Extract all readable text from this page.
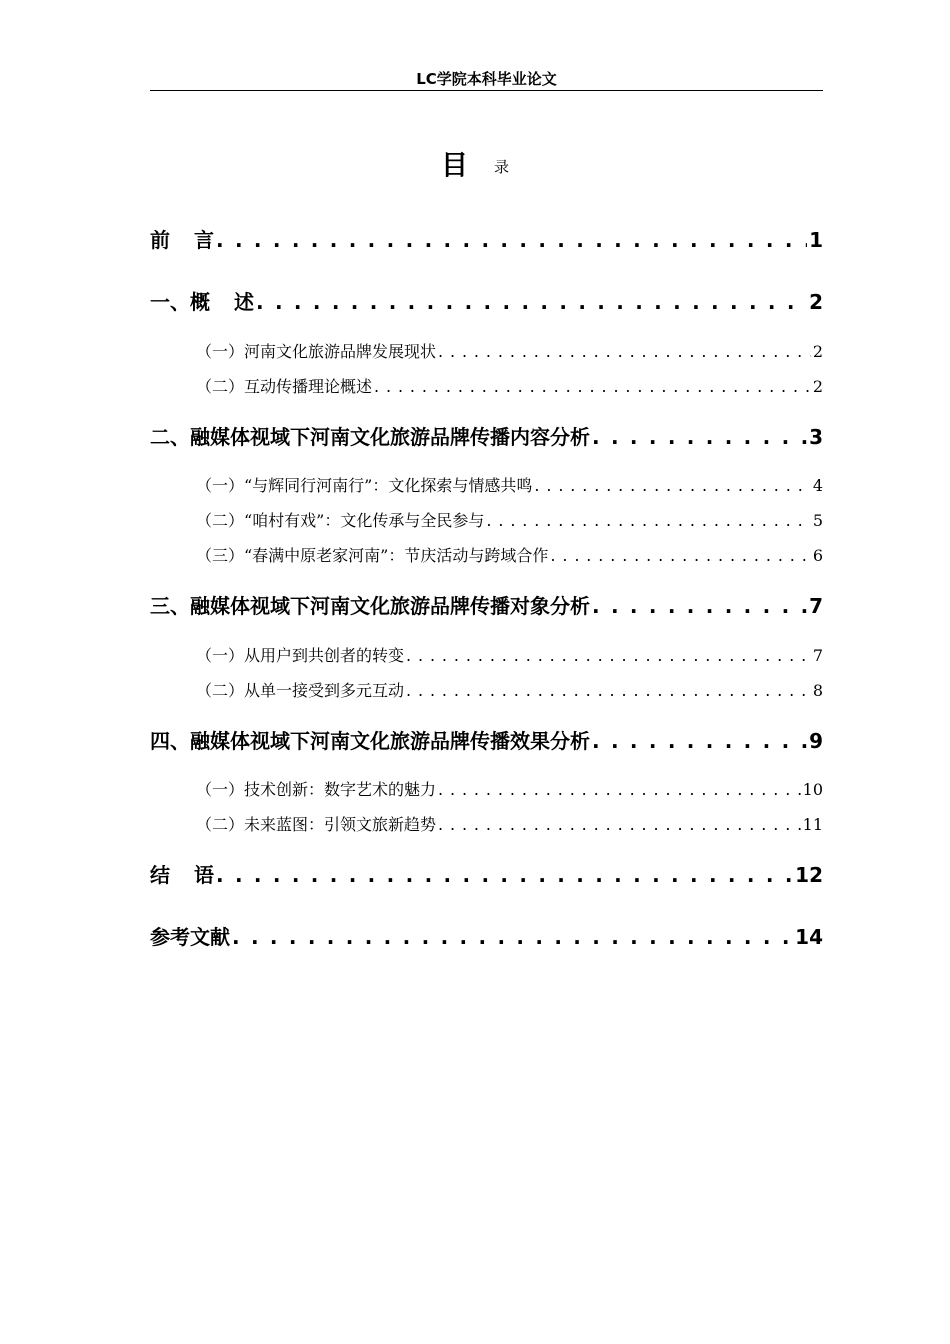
LC学院本科毕业论文
目 录
前 言 . . .	1
一、概 述 . . .	2
（一）河南文化旅游品牌发展现状 . . .	2
（二）互动传播理论概述 . . .	2
二、融媒体视域下河南文化旅游品牌传播内容分析 . . .	3
（一）“与辉同行河南行”：文化探索与情感共鸣 . . .	4
（二）“咱村有戏”：文化传承与全民参与 . . .	5
（三）“春满中原老家河南”：节庆活动与跨域合作 . . .	6
三、融媒体视域下河南文化旅游品牌传播对象分析 . . .	7
（一）从用户到共创者的转变 . . .	7
（二）从单一接受到多元互动 . . .	8
四、融媒体视域下河南文化旅游品牌传播效果分析 . . .	9
（一）技术创新：数字艺术的魅力 . . .	10
（二）未来蓝图：引领文旅新趋势 . . .	11
结 语 . . .	12
参考文献 . . .	14
